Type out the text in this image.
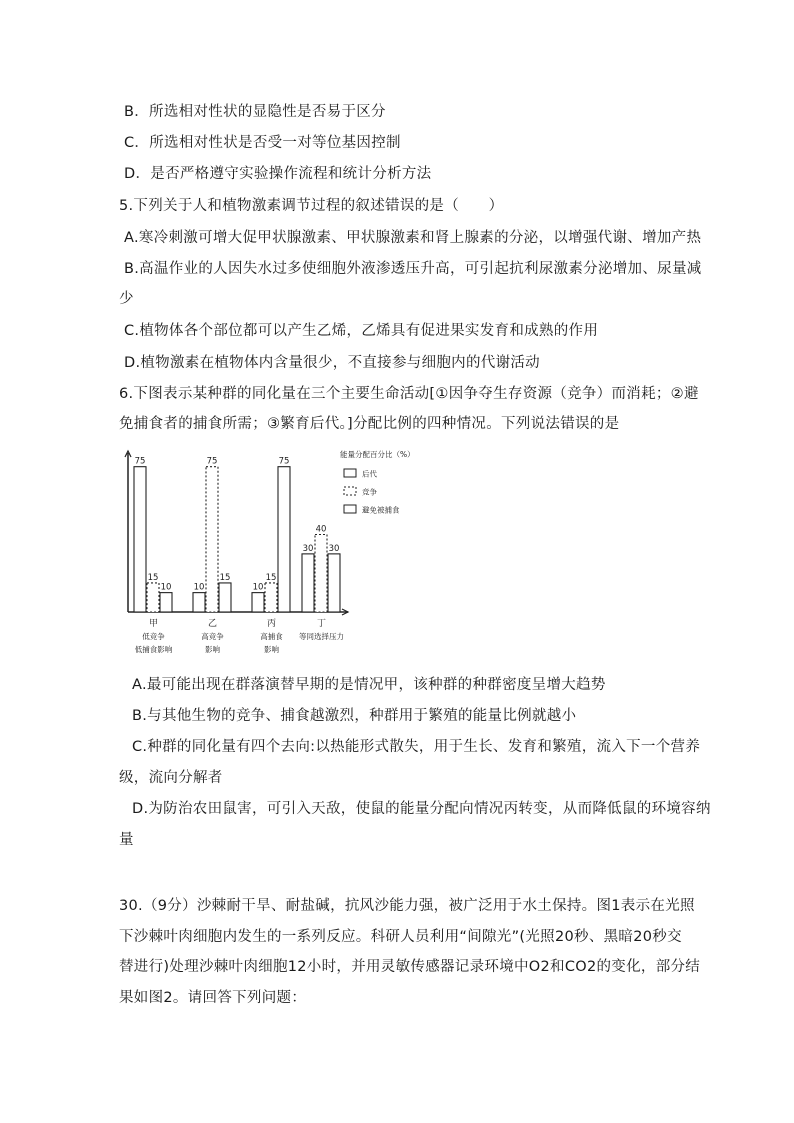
B．所选相对性状的显隐性是否易于区分
C．所选相对性状是否受一对等位基因控制
D．是否严格遵守实验操作流程和统计分析方法
5.下列关于人和植物激素调节过程的叙述错误的是（　　）
A.寒冷刺激可增大促甲状腺激素、甲状腺激素和肾上腺素的分泌，以增强代谢、增加产热
B.高温作业的人因失水过多使细胞外液渗透压升高，可引起抗利尿激素分泌增加、尿量减
少
C.植物体各个部位都可以产生乙烯，乙烯具有促进果实发育和成熟的作用
D.植物激素在植物体内含量很少，不直接参与细胞内的代谢活动
6.下图表示某种群的同化量在三个主要生命活动[①因争夺生存资源（竞争）而消耗；②避
免捕食者的捕食所需；③繁育后代。]分配比例的四种情况。下列说法错误的是
75
15
10
甲
低竞争
低捕食影响
10
75
15
乙
高竞争
影响
10
15
75
丙
高捕食
影响
30
40
30
丁
等同选择压力
能量分配百分比（%）
后代
竞争
避免被捕食
A.最可能出现在群落演替早期的是情况甲，该种群的种群密度呈增大趋势
B.与其他生物的竞争、捕食越激烈，种群用于繁殖的能量比例就越小
C.种群的同化量有四个去向:以热能形式散失，用于生长、发育和繁殖，流入下一个营养
级，流向分解者
D.为防治农田鼠害，可引入天敌，使鼠的能量分配向情况丙转变，从而降低鼠的环境容纳
量
30.（9分）沙棘耐干旱、耐盐碱，抗风沙能力强，被广泛用于水土保持。图1表示在光照
下沙棘叶肉细胞内发生的一系列反应。科研人员利用“间隙光”(光照20秒、黑暗20秒交
替进行)处理沙棘叶肉细胞12小时，并用灵敏传感器记录环境中O2和CO2的变化，部分结
果如图2。请回答下列问题：
